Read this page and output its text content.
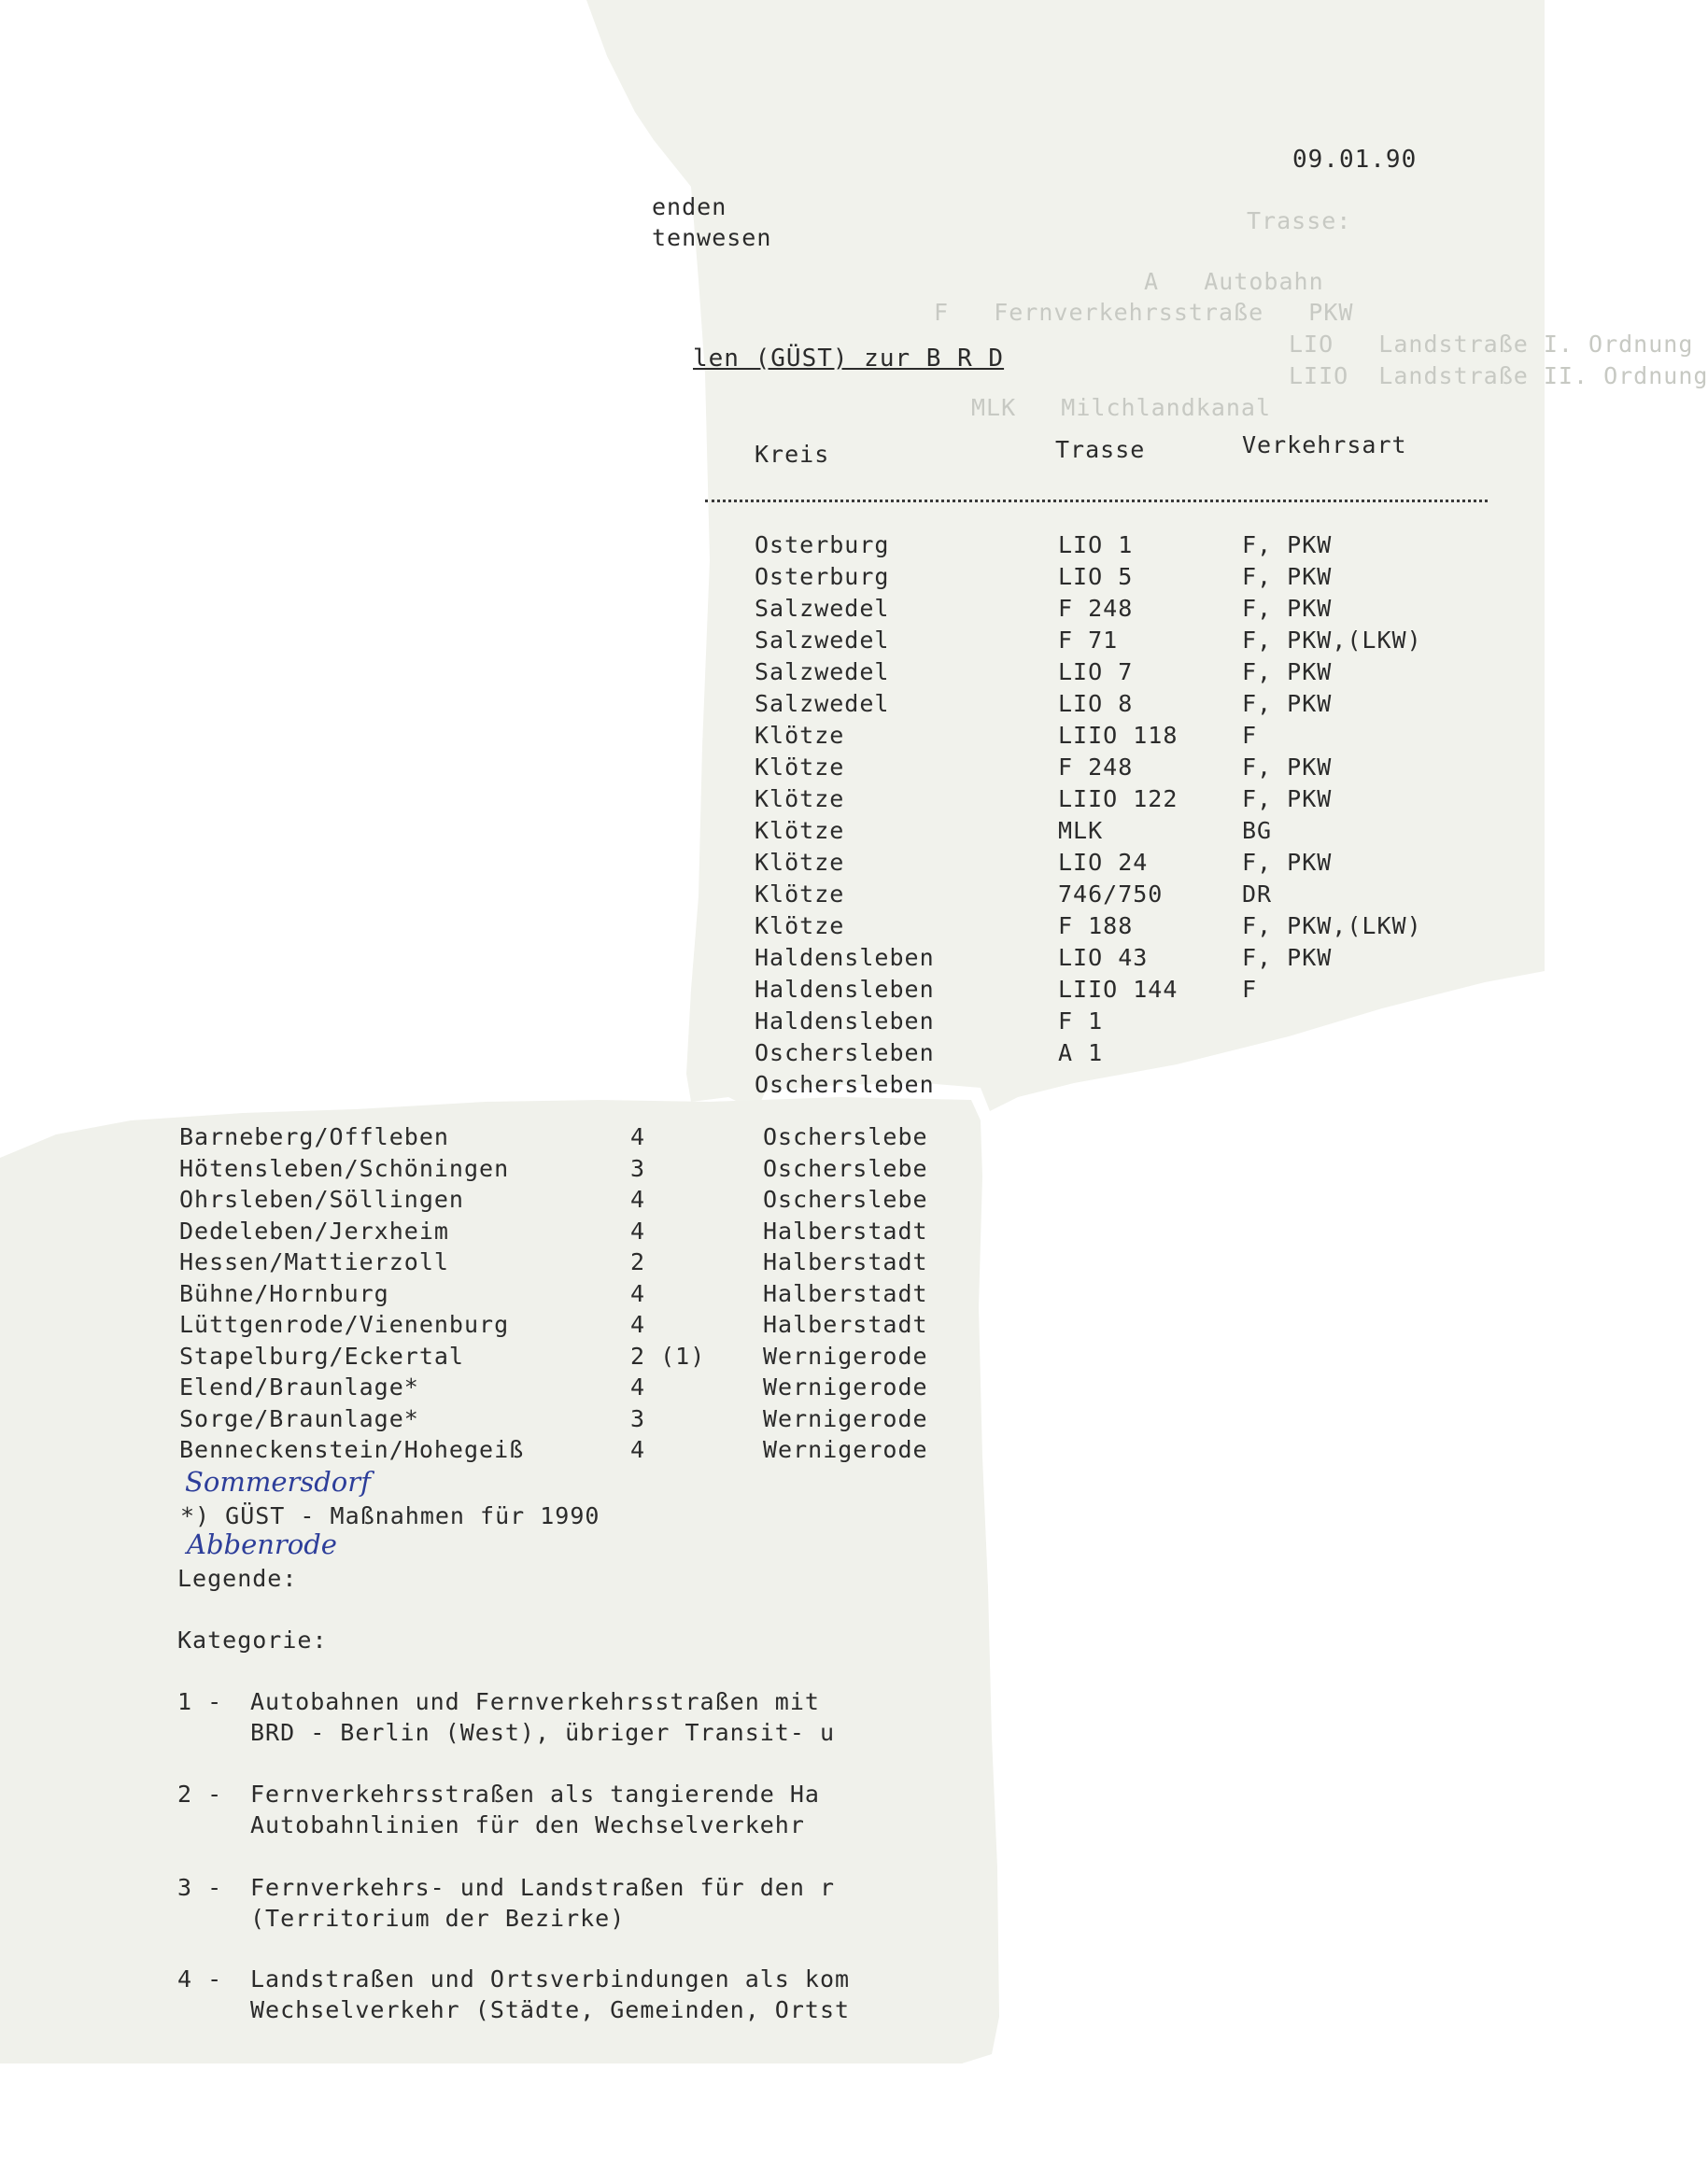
Trasse:
A   Autobahn
F   Fernverkehrsstraße   PKW
LIO   Landstraße I. Ordnung
LIIO  Landstraße II. Ordnung
MLK   Milchlandkanal
09.01.90
enden
tenwesen
len (GÜST) zur B R D
Kreis	Trasse	Verkehrsart
Osterburg	LIO 1	F, PKW
Osterburg	LIO 5	F, PKW
Salzwedel	F 248	F, PKW
Salzwedel	F 71	F, PKW,(LKW)
Salzwedel	LIO 7	F, PKW
Salzwedel	LIO 8	F, PKW
Klötze	LIIO 118	F
Klötze	F 248	F, PKW
Klötze	LIIO 122	F, PKW
Klötze	MLK	BG
Klötze	LIO 24	F, PKW
Klötze	746/750	DR
Klötze	F 188	F, PKW,(LKW)
Haldensleben	LIO 43	F, PKW
Haldensleben	LIIO 144	F
Haldensleben	F 1
Oschersleben	A 1
Oschersleben
Barneberg/Offleben	4	Oscherslebe
Hötensleben/Schöningen	3	Oscherslebe
Ohrsleben/Söllingen	4	Oscherslebe
Dedeleben/Jerxheim	4	Halberstadt
Hessen/Mattierzoll	2	Halberstadt
Bühne/Hornburg	4	Halberstadt
Lüttgenrode/Vienenburg	4	Halberstadt
Stapelburg/Eckertal	2 (1) Wernigerode
Elend/Braunlage*	4	Wernigerode
Sorge/Braunlage*	3	Wernigerode
Benneckenstein/Hohegeiß	4	Wernigerode
Sommersdorf
Abbenrode
*) GÜST - Maßnahmen für 1990
Legende:
Kategorie:
1 - Autobahnen und Fernverkehrsstraßen mit
BRD - Berlin (West), übriger Transit- u
2 - Fernverkehrsstraßen als tangierende Ha
Autobahnlinien für den Wechselverkehr
3 - Fernverkehrs- und Landstraßen für den r
(Territorium der Bezirke)
4 - Landstraßen und Ortsverbindungen als kom
Wechselverkehr (Städte, Gemeinden, Ortst
